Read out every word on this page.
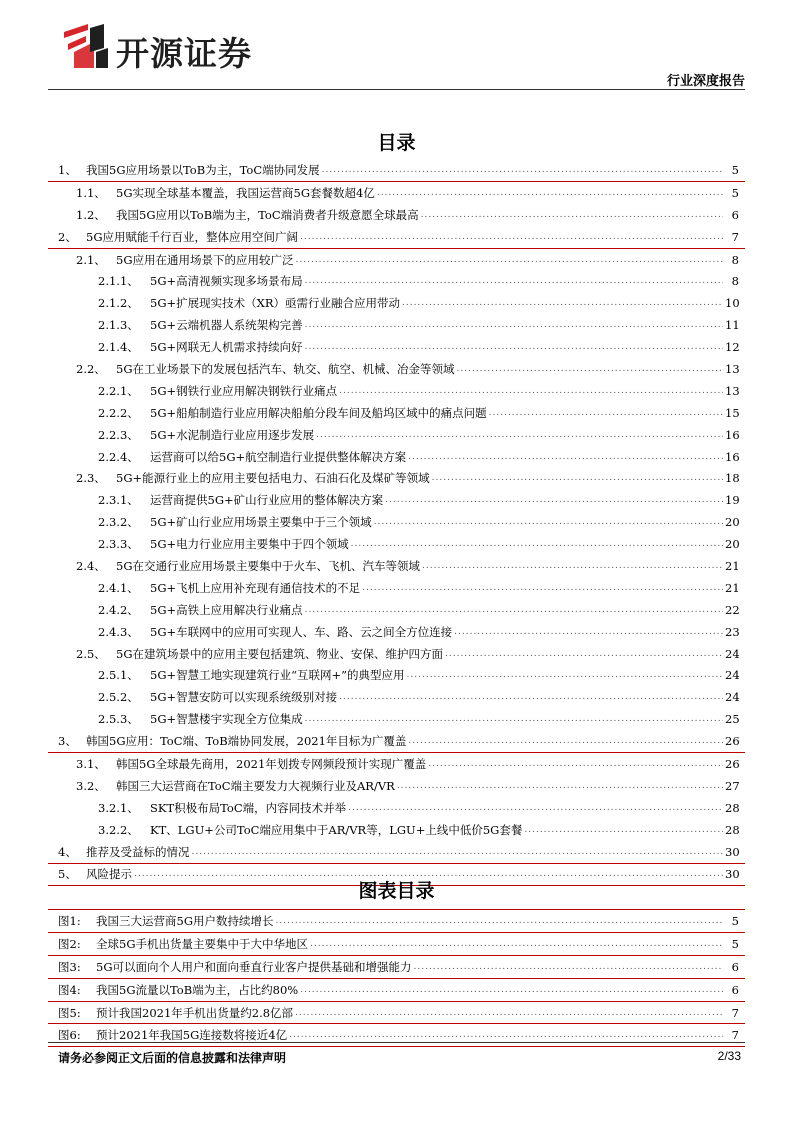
开源证券
行业深度报告
目录
1、 我国5G应用场景以ToB为主，ToC端协同发展 .....	5
1.1、 5G实现全球基本覆盖，我国运营商5G套餐数超4亿 .....	5
1.2、 我国5G应用以ToB端为主，ToC端消费者升级意愿全球最高 .....	6
2、 5G应用赋能千行百业，整体应用空间广阔 .....	7
2.1、 5G应用在通用场景下的应用较广泛 .....	8
2.1.1、 5G+高清视频实现多场景布局 .....	8
2.1.2、 5G+扩展现实技术（XR）亟需行业融合应用带动 .....	10
2.1.3、 5G+云端机器人系统架构完善 .....	11
2.1.4、 5G+网联无人机需求持续向好 .....	12
2.2、 5G在工业场景下的发展包括汽车、轨交、航空、机械、冶金等领域 .....	13
2.2.1、 5G+钢铁行业应用解决钢铁行业痛点 .....	13
2.2.2、 5G+船舶制造行业应用解决船舶分段车间及船坞区域中的痛点问题 .....	15
2.2.3、 5G+水泥制造行业应用逐步发展 .....	16
2.2.4、 运营商可以给5G+航空制造行业提供整体解决方案 .....	16
2.3、 5G+能源行业上的应用主要包括电力、石油石化及煤矿等领域 .....	18
2.3.1、 运营商提供5G+矿山行业应用的整体解决方案 .....	19
2.3.2、 5G+矿山行业应用场景主要集中于三个领域 .....	20
2.3.3、 5G+电力行业应用主要集中于四个领域 .....	20
2.4、 5G在交通行业应用场景主要集中于火车、飞机、汽车等领域 .....	21
2.4.1、 5G+飞机上应用补充现有通信技术的不足 .....	21
2.4.2、 5G+高铁上应用解决行业痛点 .....	22
2.4.3、 5G+车联网中的应用可实现人、车、路、云之间全方位连接 .....	23
2.5、 5G在建筑场景中的应用主要包括建筑、物业、安保、维护四方面 .....	24
2.5.1、 5G+智慧工地实现建筑行业“互联网+”的典型应用 .....	24
2.5.2、 5G+智慧安防可以实现系统级别对接 .....	24
2.5.3、 5G+智慧楼宇实现全方位集成 .....	25
3、 韩国5G应用：ToC端、ToB端协同发展，2021年目标为广覆盖 .....	26
3.1、 韩国5G全球最先商用，2021年划拨专网频段预计实现广覆盖 .....	26
3.2、 韩国三大运营商在ToC端主要发力大视频行业及AR/VR .....	27
3.2.1、 SKT积极布局ToC端，内容同技术并举 .....	28
3.2.2、 KT、LGU+公司ToC端应用集中于AR/VR等，LGU+上线中低价5G套餐 .....	28
4、 推荐及受益标的情况 .....	30
5、 风险提示 .....	30
图表目录
图1:	我国三大运营商5G用户数持续增长 .....	5
图2:	全球5G手机出货量主要集中于大中华地区 .....	5
图3:	5G可以面向个人用户和面向垂直行业客户提供基础和增强能力 .....	6
图4:	我国5G流量以ToB端为主，占比约80% .....	6
图5:	预计我国2021年手机出货量约2.8亿部 .....	7
图6:	预计2021年我国5G连接数将接近4亿 .....	7
请务必参阅正文后面的信息披露和法律声明	2/33
